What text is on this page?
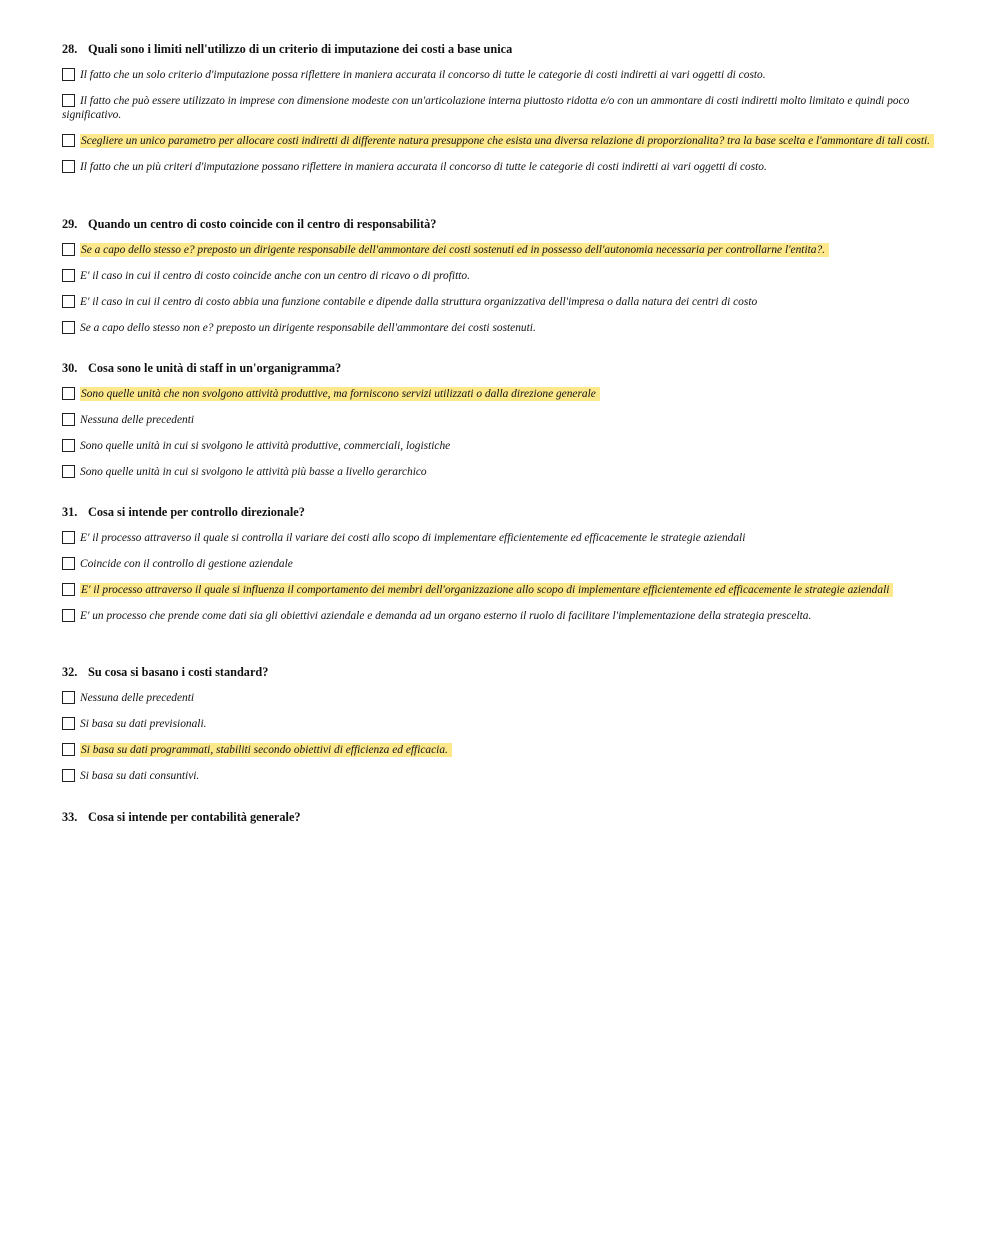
28. Quali sono i limiti nell'utilizzo di un criterio di imputazione dei costi a base unica
Il fatto che un solo criterio d'imputazione possa riflettere in maniera accurata il concorso di tutte le categorie di costi indiretti ai vari oggetti di costo.
Il fatto che può essere utilizzato in imprese con dimensione modeste con un'articolazione interna piuttosto ridotta e/o con un ammontare di costi indiretti molto limitato e quindi poco significativo.
Scegliere un unico parametro per allocare costi indiretti di differente natura presuppone che esista una diversa relazione di proporzionalita? tra la base scelta e l'ammontare di tali costi.
Il fatto che un più criteri d'imputazione possano riflettere in maniera accurata il concorso di tutte le categorie di costi indiretti ai vari oggetti di costo.
29. Quando un centro di costo coincide con il centro di responsabilità?
Se a capo dello stesso e? preposto un dirigente responsabile dell'ammontare dei costi sostenuti ed in possesso dell'autonomia necessaria per controllarne l'entita?.
E' il caso in cui il centro di costo coincide anche con un centro di ricavo o di profitto.
E' il caso in cui il centro di costo abbia una funzione contabile e dipende dalla struttura organizzativa dell'impresa o dalla natura dei centri di costo
Se a capo dello stesso non e? preposto un dirigente responsabile dell'ammontare dei costi sostenuti.
30. Cosa sono le unità di staff in un'organigramma?
Sono quelle unità che non svolgono attività produttive, ma forniscono servizi utilizzati o dalla direzione generale
Nessuna delle precedenti
Sono quelle unità in cui si svolgono le attività produttive, commerciali, logistiche
Sono quelle unità in cui si svolgono le attività più basse a livello gerarchico
31. Cosa si intende per controllo direzionale?
E' il processo attraverso il quale si controlla il variare dei costi allo scopo di implementare efficientemente ed efficacemente le strategie aziendali
Coincide con il controllo di gestione aziendale
E' il processo attraverso il quale si influenza il comportamento dei membri dell'organizzazione allo scopo di implementare efficientemente ed efficacemente le strategie aziendali
E' un processo che prende come dati sia gli obiettivi aziendale e demanda ad un organo esterno il ruolo di facilitare l'implementazione della strategia prescelta.
32. Su cosa si basano i costi standard?
Nessuna delle precedenti
Si basa su dati previsionali.
Si basa su dati programmati, stabiliti secondo obiettivi di efficienza ed efficacia.
Si basa su dati consuntivi.
33. Cosa si intende per contabilità generale?
